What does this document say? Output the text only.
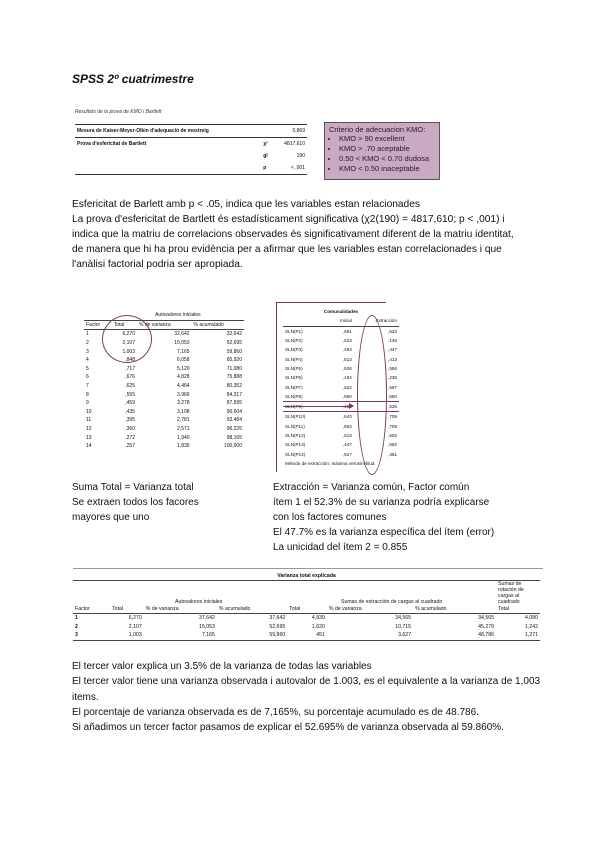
SPSS 2º cuatrimestre
Resultats de la prova de KMO i Bartlett
Mesura de Kaiser-Meyer-Olkin d'adequació de mostreig		0,869
Prova d'esfericitat de Bartlett	χ²	4817,610
	gl	190
	p	< ,001
Criterio de adecuacion KMO:
• KMO > 90 excellent
• KMO > .70 aceptable
• 0.50 < KMO < 0.70 dudosa
• KMO < 0.50 inaceptable

Esfericitat de Barlett amb p < .05, indica que les variables estan relacionades

La prova d'esfericitat de Bartlett és estadísticament significativa (χ2(190) = 4817,610; p < ,001) i indica que la matriu de correlacions observades és significativament diferent de la matriu identitat, de manera que hi ha prou evidència per a afirmar que les variables estan correlacionades i que l'anàlisi factorial podria ser apropiada.

	Autovalores iniciales		
Factor	Total	% de varianza	% acumulado
1	6,270	32,642	32,642
2	2,107	15,053	52,695
3	1,003	7,165	59,860
4	,848	6,058	65,920
5	,717	5,120	71,080
6	,676	4,828	75,888
7	,625	4,464	80,352
8	,555	3,966	84,317
9	,459	3,278	87,595
10	,435	3,108	90,604
11	,395	2,781	93,484
12	,360	2,571	96,225
13	,272	1,940	98,165
14	,257	1,835	100,000
Comunalidades		
	Inicial	Extracción
SLN(P1)	,691	,533
SLN(P2)	,523	,145
SLN(P3)	,493	,447
SLN(P4)	,513	,413
SLN(P5)	,526	,556
SLN(P6)	,194	,239
SLN(P7)	,622	,597
SLN(P8)	,550	,550
		,525
SLN(P10)	,643	,709
SLN(P11)	,653	,709
SLN(P12)	,513	,503
SLN(P13)	,447	,562
SLN(P14)	,527	,461
Método de extracción: máxima verosimilitud.		

Suma Total = Varianza total

Se extraen todos los facores

mayores que uno

Extracción = Varianza común, Factor común

ítem 1 el 52.3% de su varianza podría explicarse

con los factores comunes

El 47.7% es la varianza específica del ítem (error)

La unicidad del ítem 2 = 0.855

Varianza total explicada							
	Autovalores iniciales			Sumas de extracción de cargas al cuadrado			Sumas de rotación de cargas al cuadrado
Factor	Total	% de varianza	% acumulado	Total	% de varianza	% acumulado	Total
1	6,270	37,642	37,642	4,839	34,565	34,565	4,080
2	2,107	15,053	52,695	1,620	10,715	45,279	1,242
3	1,003	7,165	59,860	451	3,627	48,786	1,271

El tercer valor explica un 3.5% de la varianza de todas las variables

El tercer valor tiene una varianza observada i autovalor de 1.003, es el equivalente a la varianza de 1,003 items.

El porcentaje de varianza observada es de 7,165%, su porcentaje acumulado es de 48.786.

Si añadimos un tercer factor pasamos de explicar el 52.695% de varianza observada al 59.860%.
